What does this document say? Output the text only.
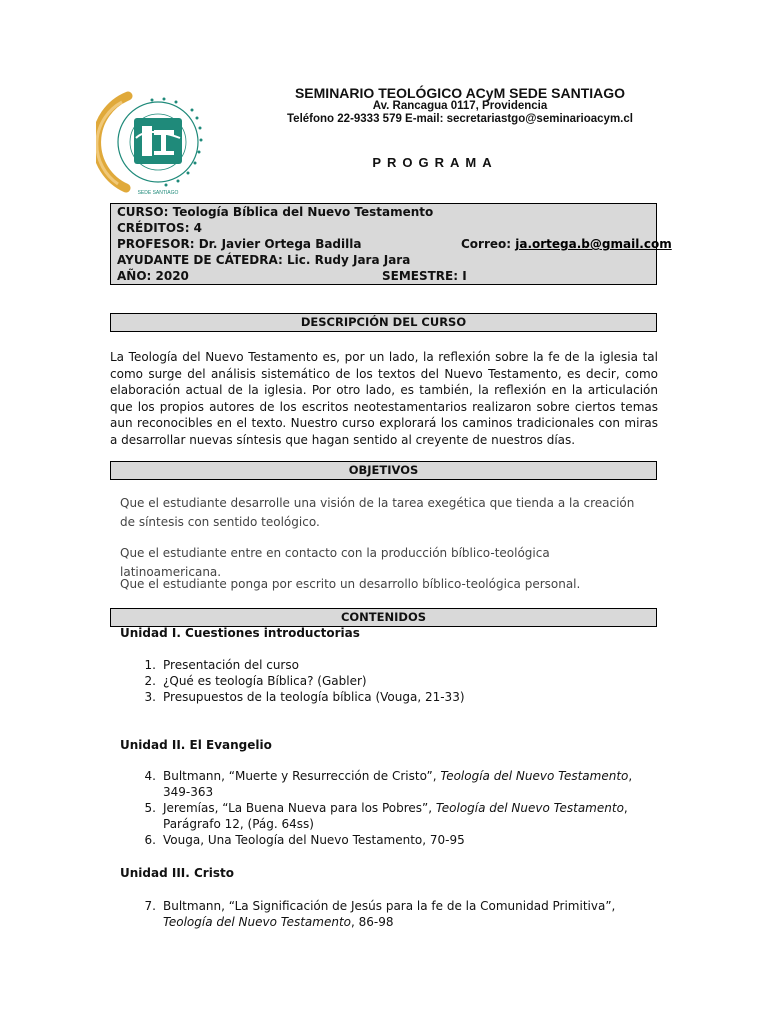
SEDE SANTIAGO
SEMINARIO TEOLÓGICO ACyM SEDE SANTIAGO
Av. Rancagua 0117, Providencia
Teléfono 22-9333 579 E-mail: secretariastgo@seminarioacym.cl
PROGRAMA
CURSO: Teología Bíblica del Nuevo Testamento
CRÉDITOS: 4
PROFESOR: Dr. Javier Ortega Badilla	Correo: ja.ortega.b@gmail.com
AYUDANTE DE CÁTEDRA: Lic. Rudy Jara Jara
AÑO: 2020	SEMESTRE: I
DESCRIPCIÓN DEL CURSO
La Teología del Nuevo Testamento es, por un lado, la reflexión sobre la fe de la iglesia tal como surge del análisis sistemático de los textos del Nuevo Testamento, es decir, como elaboración actual de la iglesia. Por otro lado, es también, la reflexión en la articulación que los propios autores de los escritos neotestamentarios realizaron sobre ciertos temas aun reconocibles en el texto. Nuestro curso explorará los caminos tradicionales con miras a desarrollar nuevas síntesis que hagan sentido al creyente de nuestros días.
OBJETIVOS
Que el estudiante desarrolle una visión de la tarea exegética que tienda a la creación de síntesis con sentido teológico.
Que el estudiante entre en contacto con la producción bíblico-teológica latinoamericana.
Que el estudiante ponga por escrito un desarrollo bíblico-teológica personal.
CONTENIDOS
Unidad I. Cuestiones introductorias
1. Presentación del curso
2. ¿Qué es teología Bíblica? (Gabler)
3. Presupuestos de la teología bíblica (Vouga, 21-33)
Unidad II. El Evangelio
4. Bultmann, “Muerte y Resurrección de Cristo”, Teología del Nuevo Testamento, 349-363
5. Jeremías, “La Buena Nueva para los Pobres”, Teología del Nuevo Testamento, Parágrafo 12, (Pág. 64ss)
6. Vouga, Una Teología del Nuevo Testamento, 70-95
Unidad III. Cristo
7. Bultmann, “La Significación de Jesús para la fe de la Comunidad Primitiva”, Teología del Nuevo Testamento, 86-98
